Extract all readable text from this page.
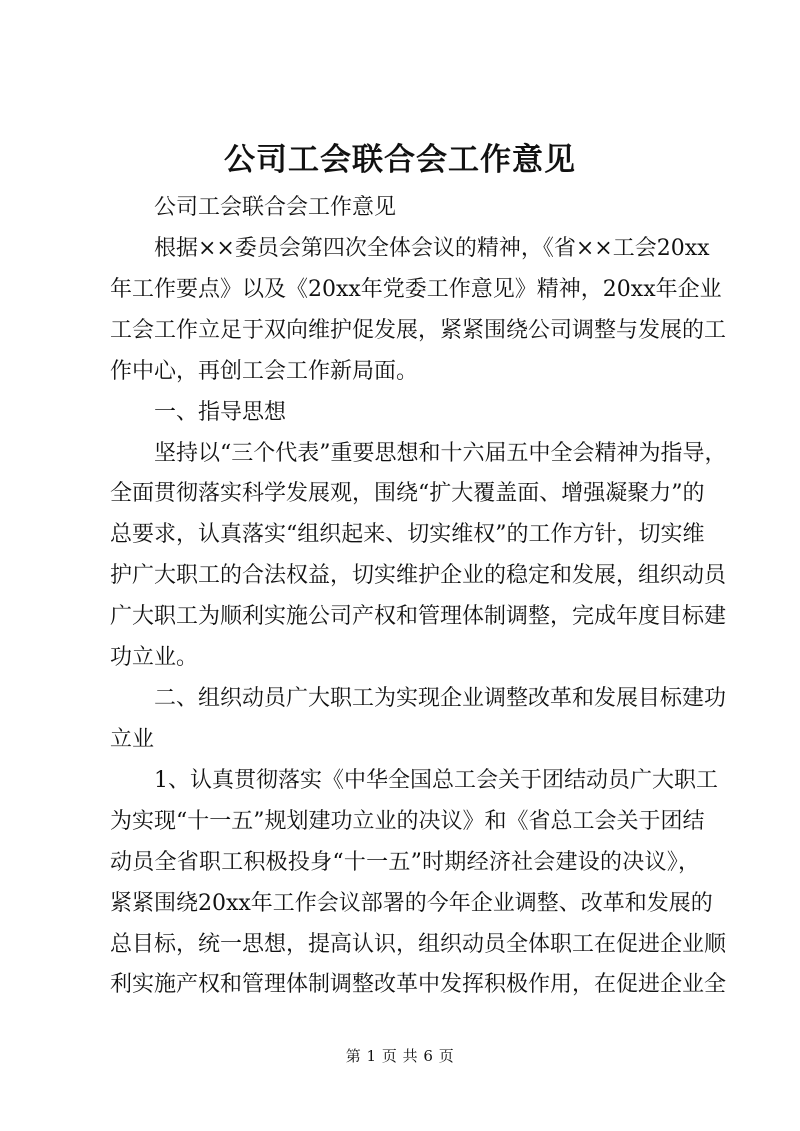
公司工会联合会工作意见
公司工会联合会工作意见
根据××委员会第四次全体会议的精神，《省××工会20xx
年工作要点》以及《20xx年党委工作意见》精神，20xx年企业
工会工作立足于双向维护促发展，紧紧围绕公司调整与发展的工
作中心，再创工会工作新局面。
一、指导思想
坚持以“三个代表”重要思想和十六届五中全会精神为指导，
全面贯彻落实科学发展观，围绕“扩大覆盖面、增强凝聚力”的
总要求，认真落实“组织起来、切实维权”的工作方针，切实维
护广大职工的合法权益，切实维护企业的稳定和发展，组织动员
广大职工为顺利实施公司产权和管理体制调整，完成年度目标建
功立业。
二、组织动员广大职工为实现企业调整改革和发展目标建功
立业
1、认真贯彻落实《中华全国总工会关于团结动员广大职工
为实现“十一五”规划建功立业的决议》和《省总工会关于团结
动员全省职工积极投身“十一五”时期经济社会建设的决议》，
紧紧围绕20xx年工作会议部署的今年企业调整、改革和发展的
总目标，统一思想，提高认识，组织动员全体职工在促进企业顺
第 1 页 共 6 页
利实施产权和管理体制调整改革中发挥积极作用，在促进企业全
